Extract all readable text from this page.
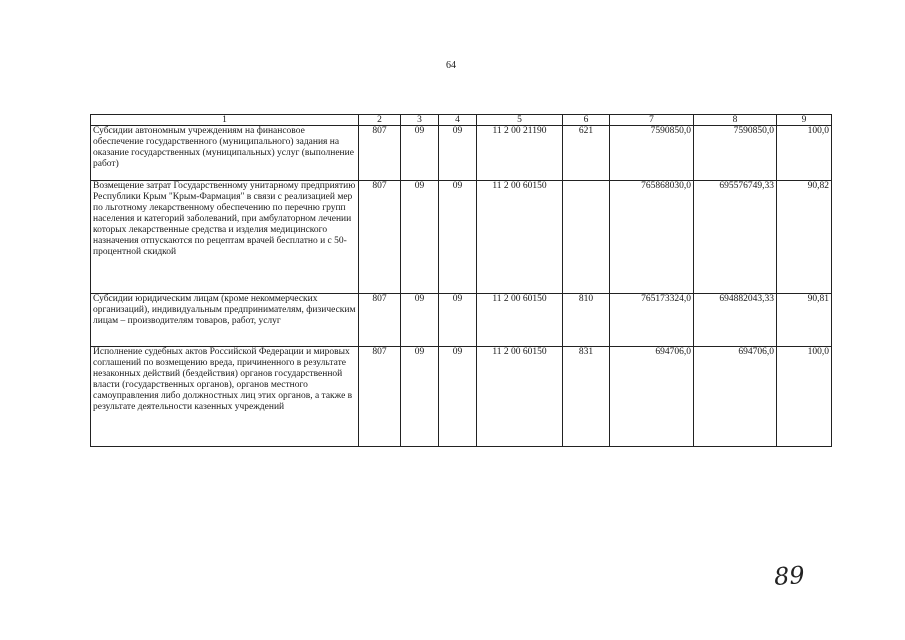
64
1	2	3	4	5	6	7	8	9
Субсидии автономным учреждениям на финансовое обеспечение государственного (муниципального) задания на оказание государственных (муниципальных) услуг (выполнение работ)	807	09	09	11 2 00 21190	621	7590850,0	7590850,0	100,0
Возмещение затрат Государственному унитарному предприятию Республики Крым "Крым-Фармация" в связи с реализацией мер по льготному лекарственному обеспечению по перечню групп населения и категорий заболеваний, при амбулаторном лечении которых лекарственные средства и изделия медицинского назначения отпускаются по рецептам врачей бесплатно и с 50-процентной скидкой	807	09	09	11 2 00 60150		765868030,0	695576749,33	90,82
Субсидии юридическим лицам (кроме некоммерческих организаций), индивидуальным предпринимателям, физическим лицам – производителям товаров, работ, услуг	807	09	09	11 2 00 60150	810	765173324,0	694882043,33	90,81
Исполнение судебных актов Российской Федерации и мировых соглашений по возмещению вреда, причиненного в результате незаконных действий (бездействия) органов государственной власти (государственных органов), органов местного самоуправления либо должностных лиц этих органов, а также в результате деятельности казенных учреждений	807	09	09	11 2 00 60150	831	694706,0	694706,0	100,0
89
